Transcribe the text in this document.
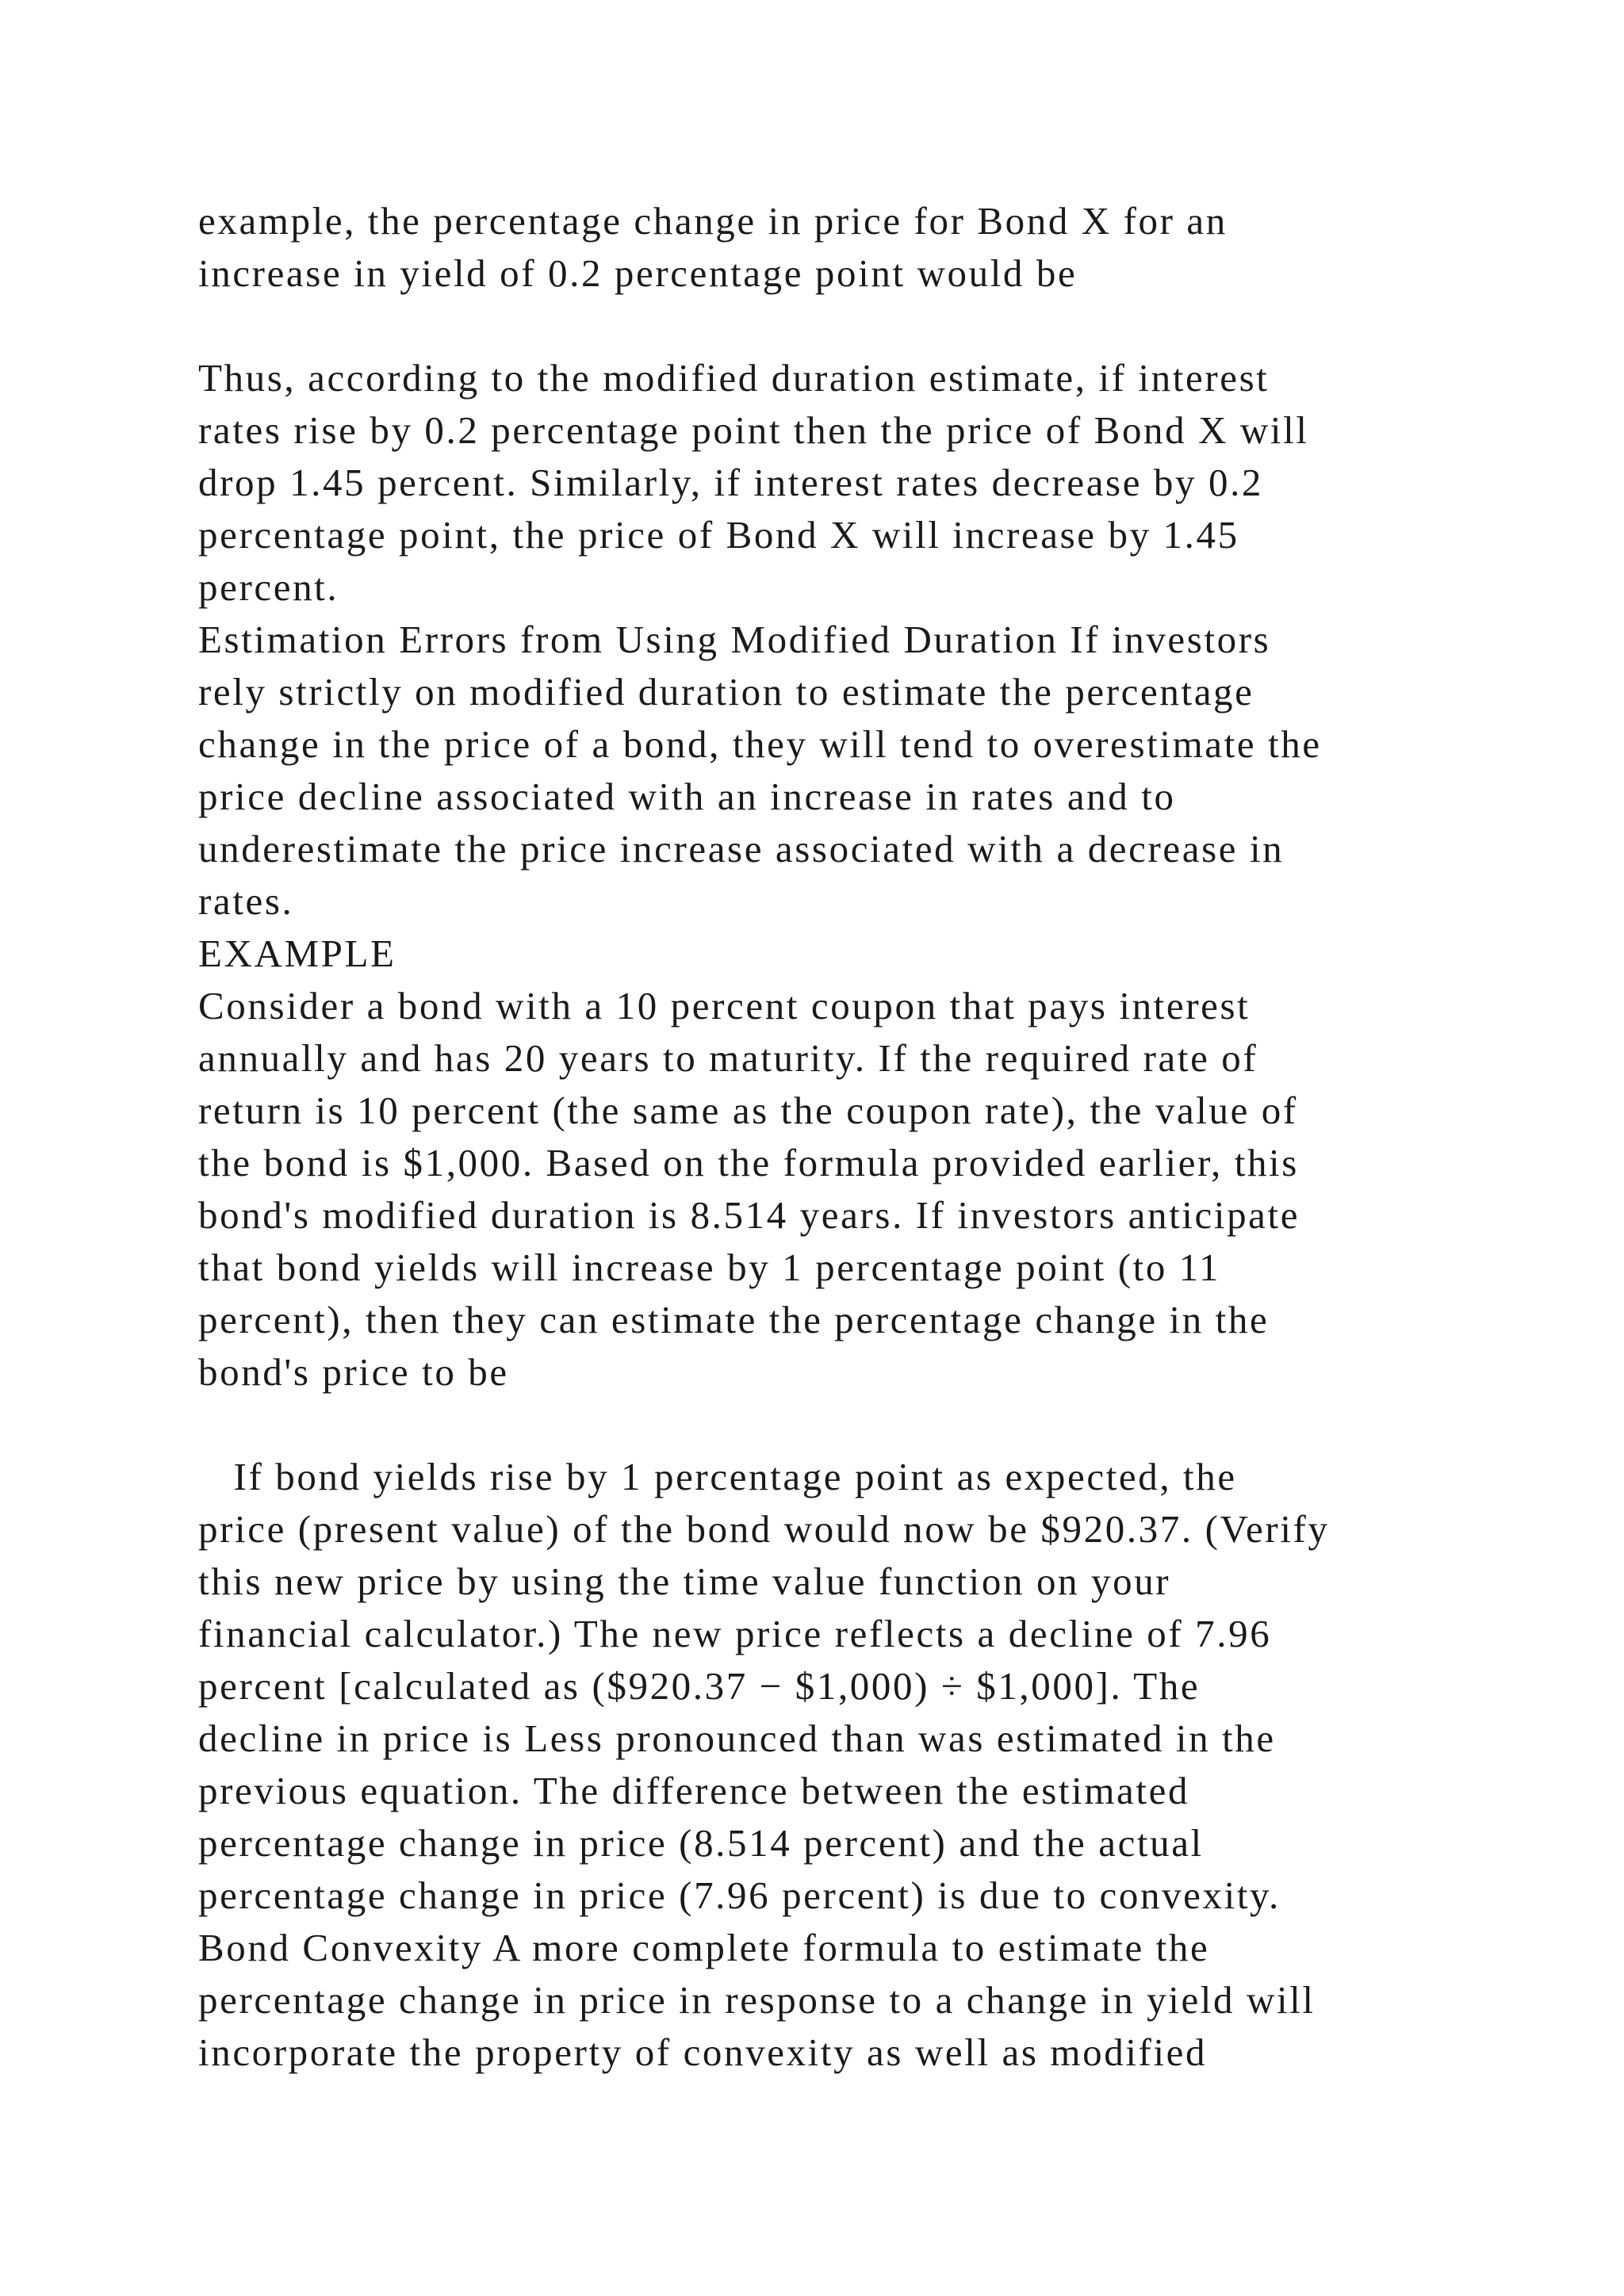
example, the percentage change in price for Bond X for an
increase in yield of 0.2 percentage point would be
Thus, according to the modified duration estimate, if interest
rates rise by 0.2 percentage point then the price of Bond X will
drop 1.45 percent. Similarly, if interest rates decrease by 0.2
percentage point, the price of Bond X will increase by 1.45
percent.
Estimation Errors from Using Modified Duration If investors
rely strictly on modified duration to estimate the percentage
change in the price of a bond, they will tend to overestimate the
price decline associated with an increase in rates and to
underestimate the price increase associated with a decrease in
rates.
EXAMPLE
Consider a bond with a 10 percent coupon that pays interest
annually and has 20 years to maturity. If the required rate of
return is 10 percent (the same as the coupon rate), the value of
the bond is $1,000. Based on the formula provided earlier, this
bond's modified duration is 8.514 years. If investors anticipate
that bond yields will increase by 1 percentage point (to 11
percent), then they can estimate the percentage change in the
bond's price to be
If bond yields rise by 1 percentage point as expected, the
price (present value) of the bond would now be $920.37. (Verify
this new price by using the time value function on your
financial calculator.) The new price reflects a decline of 7.96
percent [calculated as ($920.37 − $1,000) ÷ $1,000]. The
decline in price is Less pronounced than was estimated in the
previous equation. The difference between the estimated
percentage change in price (8.514 percent) and the actual
percentage change in price (7.96 percent) is due to convexity.
Bond Convexity A more complete formula to estimate the
percentage change in price in response to a change in yield will
incorporate the property of convexity as well as modified
